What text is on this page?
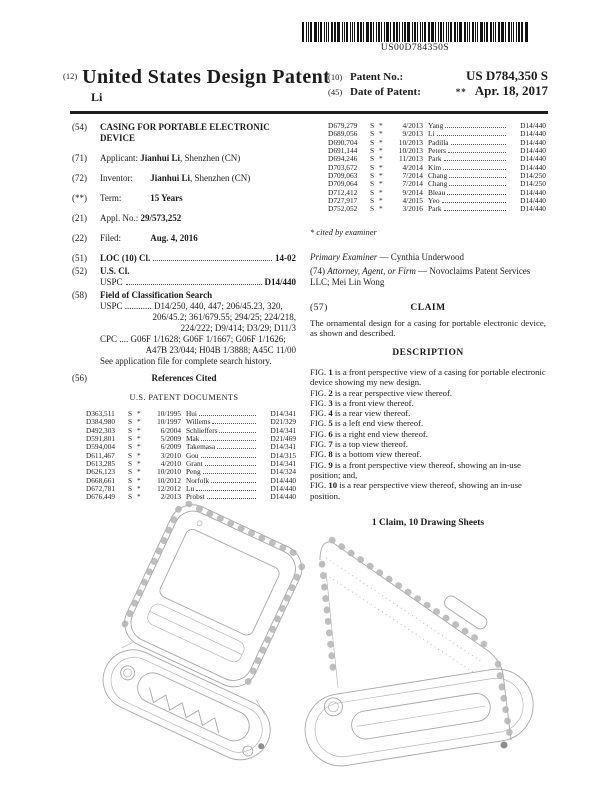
US00D784350S
(12) United States Design Patent
Li
(10) Patent No.:	US D784,350 S
(45) Date of Patent:	** Apr. 18, 2017
(54)	CASING FOR PORTABLE ELECTRONIC DEVICE
(71)	Applicant: Jianhui Li, Shenzhen (CN)
(72)	Inventor: Jianhui Li, Shenzhen (CN)
(**)	Term:	15 Years
(21)	Appl. No.: 29/573,252
(22)	Filed:	Aug. 4, 2016
(51)	LOC (10) Cl.	14-02
(52)	U.S. Cl.
USPC	D14/440
(58)	Field of Classification Search
USPC ............ D14/250, 440, 447; 206/45.23, 320,
206/45.2; 361/679.55; 294/25; 224/218,
224/222; D9/414; D3/29; D11/3
CPC .... G06F 1/1628; G06F 1/1667; G06F 1/1626;
A47B 23/044; H04B 1/3888; A45C 11/00
See application file for complete search history.
(56)	References Cited
U.S. PATENT DOCUMENTS
D363,511	S *	10/1995 Hui	D14/341
D384,980	S *	10/1997 Willems	D21/329
D492,303	S *	6/2004 Schlieffers	D14/341
D591,801	S *	5/2009 Mak	D21/469
D594,004	S *	6/2009 Takemasa	D14/341
D611,467	S *	3/2010 Gou	D14/315
D613,285	S *	4/2010 Grant	D14/341
D626,123	S *	10/2010 Peng	D14/324
D668,661	S *	10/2012 Norfolk	D14/440
D672,781	S *	12/2012 Lu	D14/440
D676,449	S *	2/2013 Probst	D14/440
D679,279	S *	4/2013 Yang	D14/440
D689,056	S *	9/2013 Li	D14/440
D690,704	S *	10/2013 Padilla	D14/440
D691,144	S *	10/2013 Peters	D14/440
D694,246	S *	11/2013 Park	D14/440
D703,672	S *	4/2014 Kim	D14/440
D709,063	S *	7/2014 Chang	D14/250
D709,064	S *	7/2014 Chang	D14/250
D712,412	S *	9/2014 Bleau	D14/440
D727,917	S *	4/2015 Yeo	D14/440
D752,052	S *	3/2016 Park	D14/440
* cited by examiner
Primary Examiner — Cynthia Underwood
(74) Attorney, Agent, or Firm — Novoclaims Patent Services LLC; Mei Lin Wong
(57)	CLAIM
The ornamental design for a casing for portable electronic device, as shown and described.
DESCRIPTION
FIG. 1 is a front perspective view of a casing for portable electronic device showing my new design.
FIG. 2 is a rear perspective view thereof.
FIG. 3 is a front view thereof.
FIG. 4 is a rear view thereof.
FIG. 5 is a left end view thereof.
FIG. 6 is a right end view thereof.
FIG. 7 is a top view thereof.
FIG. 8 is a bottom view thereof.
FIG. 9 is a front perspective view thereof, showing an in-use position; and,
FIG. 10 is a rear perspective view thereof, showing an in-use position.
1 Claim, 10 Drawing Sheets
